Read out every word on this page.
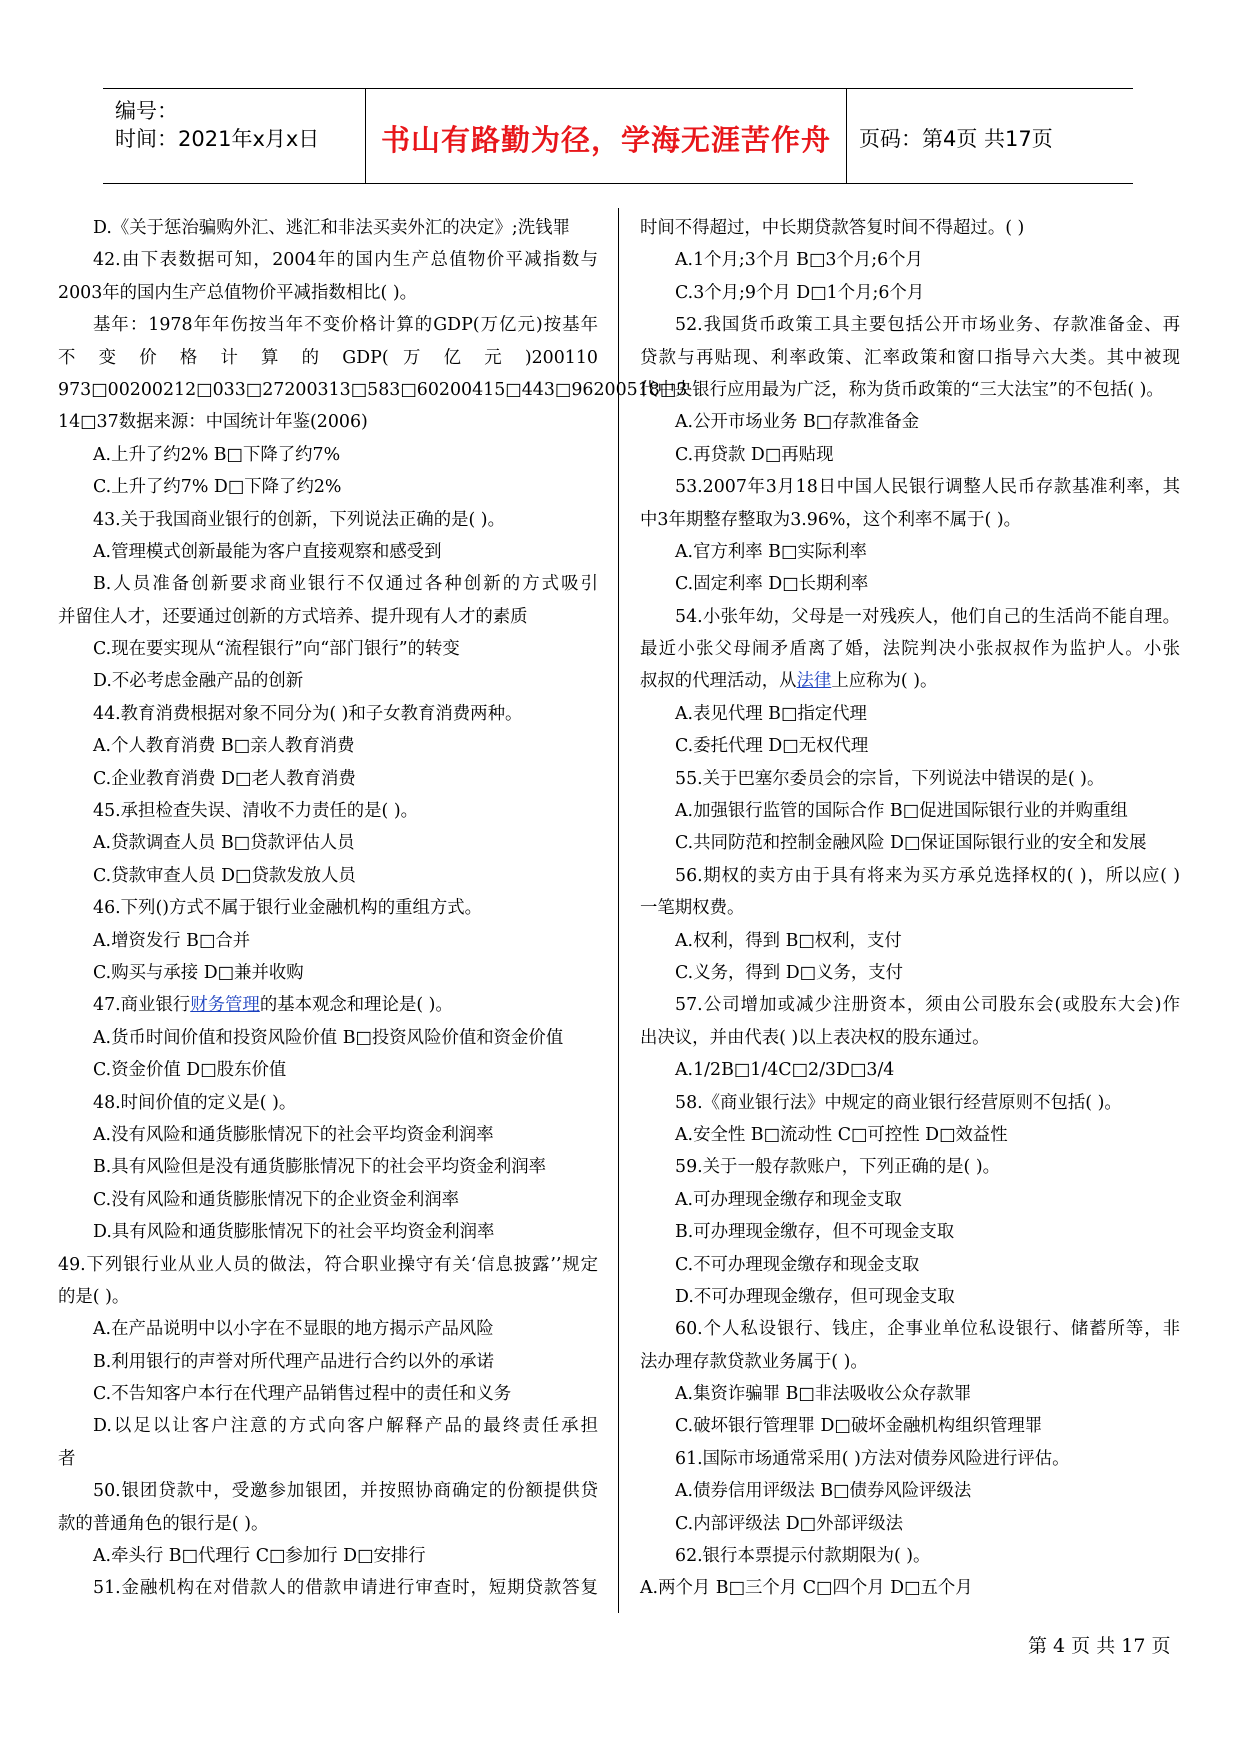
编号：
时间：2021年x月x日	书山有路勤为径，学海无涯苦作舟	页码：第4页 共17页
D.《关于惩治骗购外汇、逃汇和非法买卖外汇的决定》;洗钱罪
42.由下表数据可知，2004年的国内生产总值物价平减指数与
2003年的国内生产总值物价平减指数相比( )。
基年：1978年年伤按当年不变价格计算的GDP(万亿元)按基年
不 变 价 格 计 算 的 GDP( 万 亿 元 )200110
973□00200212□033□27200313□583□60200415□443□96200518□3
14□37数据来源：中国统计年鉴(2006)
A.上升了约2% B□下降了约7%
C.上升了约7% D□下降了约2%
43.关于我国商业银行的创新，下列说法正确的是( )。
A.管理模式创新最能为客户直接观察和感受到
B.人员准备创新要求商业银行不仅通过各种创新的方式吸引
并留住人才，还要通过创新的方式培养、提升现有人才的素质
C.现在要实现从“流程银行”向“部门银行”的转变
D.不必考虑金融产品的创新
44.教育消费根据对象不同分为( )和子女教育消费两种。
A.个人教育消费 B□亲人教育消费
C.企业教育消费 D□老人教育消费
45.承担检查失误、清收不力责任的是( )。
A.贷款调查人员 B□贷款评估人员
C.贷款审查人员 D□贷款发放人员
46.下列()方式不属于银行业金融机构的重组方式。
A.增资发行 B□合并
C.购买与承接 D□兼并收购
47.商业银行财务管理的基本观念和理论是( )。
A.货币时间价值和投资风险价值 B□投资风险价值和资金价值
C.资金价值 D□股东价值
48.时间价值的定义是( )。
A.没有风险和通货膨胀情况下的社会平均资金利润率
B.具有风险但是没有通货膨胀情况下的社会平均资金利润率
C.没有风险和通货膨胀情况下的企业资金利润率
D.具有风险和通货膨胀情况下的社会平均资金利润率
49.下列银行业从业人员的做法，符合职业操守有关‘信息披露’’规定
的是( )。
A.在产品说明中以小字在不显眼的地方揭示产品风险
B.利用银行的声誉对所代理产品进行合约以外的承诺
C.不告知客户本行在代理产品销售过程中的责任和义务
D.以足以让客户注意的方式向客户解释产品的最终责任承担
者
50.银团贷款中，受邀参加银团，并按照协商确定的份额提供贷
款的普通角色的银行是( )。
A.牵头行 B□代理行 C□参加行 D□安排行
51.金融机构在对借款人的借款申请进行审查时，短期贷款答复
时间不得超过，中长期贷款答复时间不得超过。( )
A.1个月;3个月 B□3个月;6个月
C.3个月;9个月 D□1个月;6个月
52.我国货币政策工具主要包括公开市场业务、存款准备金、再
贷款与再贴现、利率政策、汇率政策和窗口指导六大类。其中被现
代中央银行应用最为广泛，称为货币政策的“三大法宝”的不包括( )。
A.公开市场业务 B□存款准备金
C.再贷款 D□再贴现
53.2007年3月18日中国人民银行调整人民币存款基准利率，其
中3年期整存整取为3.96%，这个利率不属于( )。
A.官方利率 B□实际利率
C.固定利率 D□长期利率
54.小张年幼，父母是一对残疾人，他们自己的生活尚不能自理。
最近小张父母闹矛盾离了婚，法院判决小张叔叔作为监护人。小张
叔叔的代理活动，从法律上应称为( )。
A.表见代理 B□指定代理
C.委托代理 D□无权代理
55.关于巴塞尔委员会的宗旨，下列说法中错误的是( )。
A.加强银行监管的国际合作 B□促进国际银行业的并购重组
C.共同防范和控制金融风险 D□保证国际银行业的安全和发展
56.期权的卖方由于具有将来为买方承兑选择权的( )，所以应( )
一笔期权费。
A.权利，得到 B□权利，支付
C.义务，得到 D□义务，支付
57.公司增加或减少注册资本，须由公司股东会(或股东大会)作
出决议，并由代表( )以上表决权的股东通过。
A.1/2B□1/4C□2/3D□3/4
58.《商业银行法》中规定的商业银行经营原则不包括( )。
A.安全性 B□流动性 C□可控性 D□效益性
59.关于一般存款账户，下列正确的是( )。
A.可办理现金缴存和现金支取
B.可办理现金缴存，但不可现金支取
C.不可办理现金缴存和现金支取
D.不可办理现金缴存，但可现金支取
60.个人私设银行、钱庄，企事业单位私设银行、储蓄所等，非
法办理存款贷款业务属于( )。
A.集资诈骗罪 B□非法吸收公众存款罪
C.破坏银行管理罪 D□破坏金融机构组织管理罪
61.国际市场通常采用( )方法对债券风险进行评估。
A.债券信用评级法 B□债券风险评级法
C.内部评级法 D□外部评级法
62.银行本票提示付款期限为( )。
A.两个月 B□三个月 C□四个月 D□五个月
第 4 页 共 17 页
